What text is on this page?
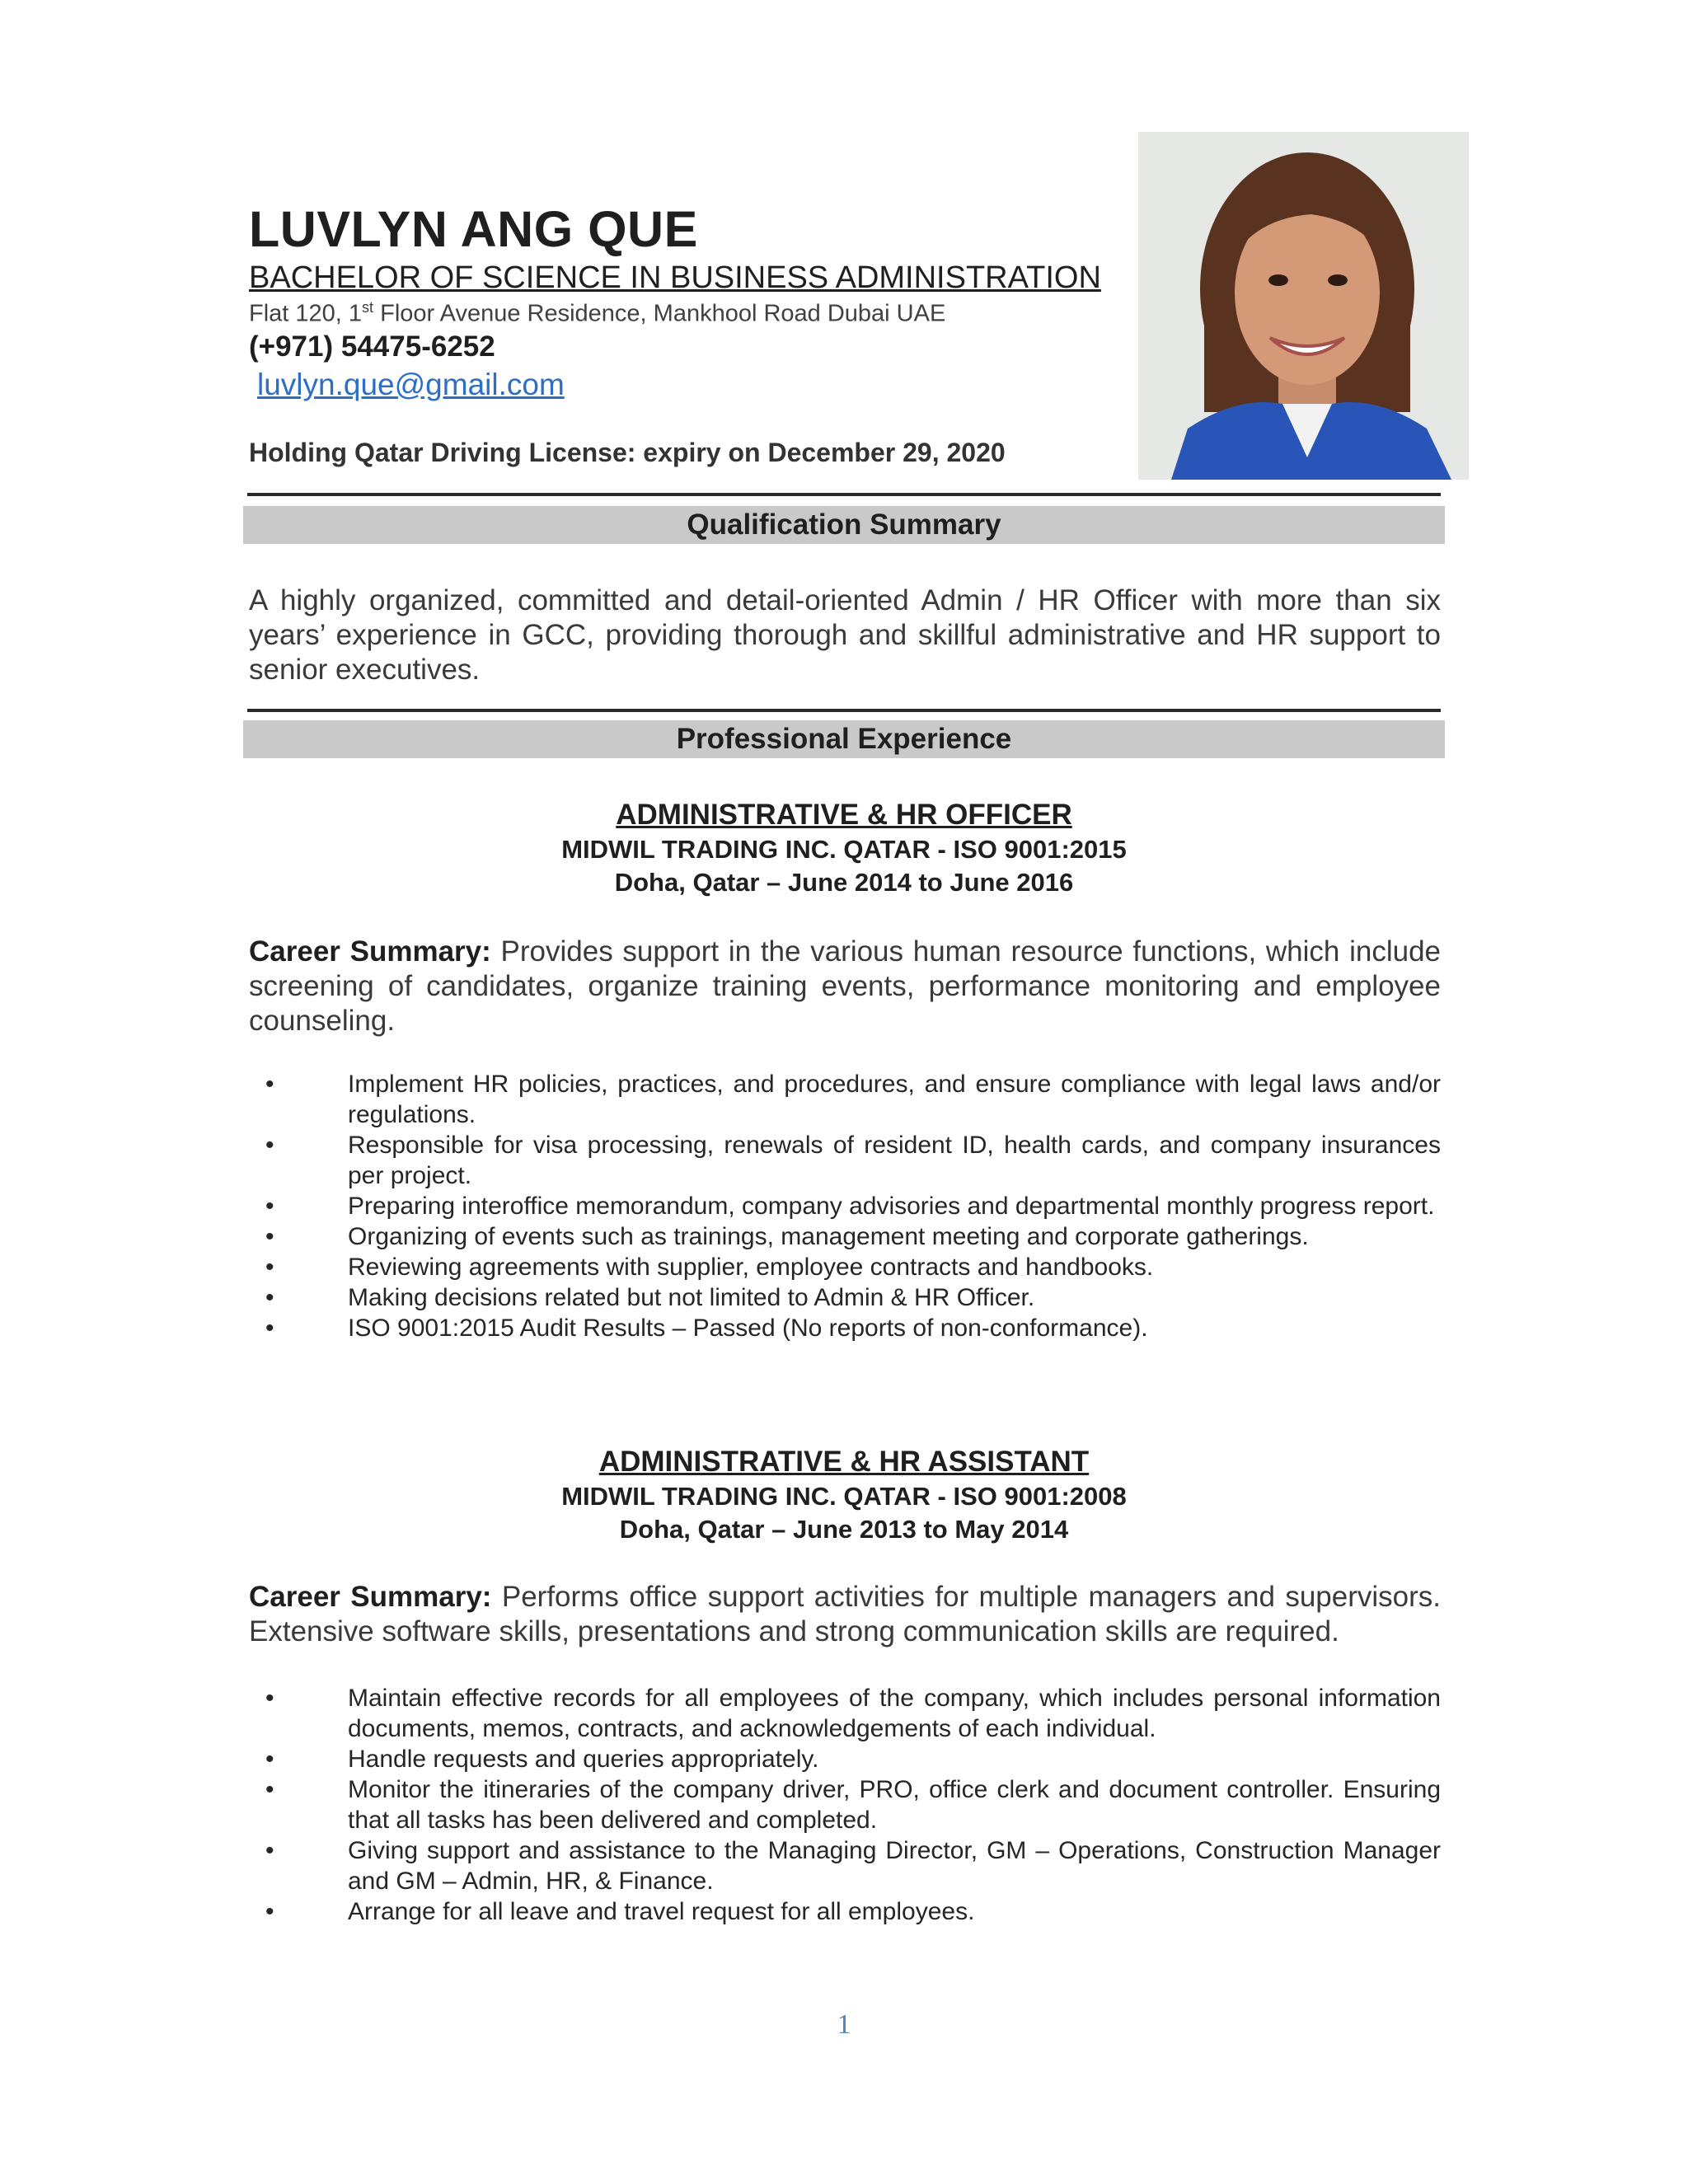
LUVLYN ANG QUE
BACHELOR OF SCIENCE IN BUSINESS ADMINISTRATION
Flat 120, 1st Floor Avenue Residence, Mankhool Road Dubai UAE
(+971) 54475-6252
luvlyn.que@gmail.com
Holding Qatar Driving License: expiry on December 29, 2020
Qualification Summary
A highly organized, committed and detail-oriented Admin / HR Officer with more than six years’ experience in GCC, providing thorough and skillful administrative and HR support to senior executives.
Professional Experience
ADMINISTRATIVE & HR OFFICER
MIDWIL TRADING INC. QATAR - ISO 9001:2015
Doha, Qatar – June 2014 to June 2016
Career Summary: Provides support in the various human resource functions, which include screening of candidates, organize training events, performance monitoring and employee counseling.
• Implement HR policies, practices, and procedures, and ensure compliance with legal laws and/or regulations.
• Responsible for visa processing, renewals of resident ID, health cards, and company insurances per project.
• Preparing interoffice memorandum, company advisories and departmental monthly progress report.
• Organizing of events such as trainings, management meeting and corporate gatherings.
• Reviewing agreements with supplier, employee contracts and handbooks.
• Making decisions related but not limited to Admin & HR Officer.
• ISO 9001:2015 Audit Results – Passed (No reports of non-conformance).
ADMINISTRATIVE & HR ASSISTANT
MIDWIL TRADING INC. QATAR - ISO 9001:2008
Doha, Qatar – June 2013 to May 2014
Career Summary: Performs office support activities for multiple managers and supervisors. Extensive software skills, presentations and strong communication skills are required.
• Maintain effective records for all employees of the company, which includes personal information documents, memos, contracts, and acknowledgements of each individual.
• Handle requests and queries appropriately.
• Monitor the itineraries of the company driver, PRO, office clerk and document controller. Ensuring that all tasks has been delivered and completed.
• Giving support and assistance to the Managing Director, GM – Operations, Construction Manager and GM – Admin, HR, & Finance.
• Arrange for all leave and travel request for all employees.
1
